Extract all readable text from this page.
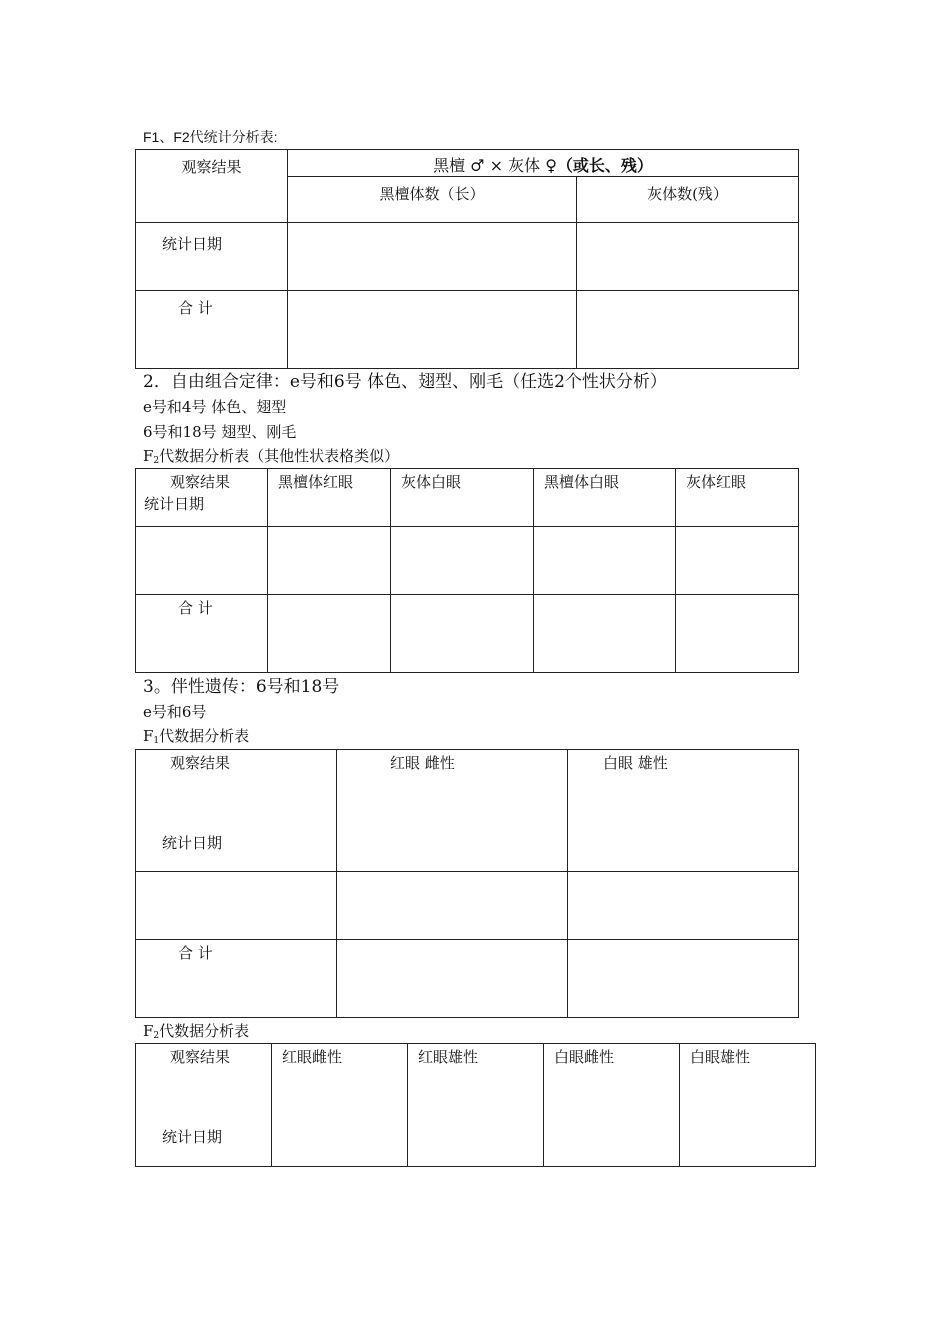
F1、F2代统计分析表:
观察结果	黑檀 ♂ × 灰体 ♀（或长、残）	

	黑檀体数（长）	灰体数(残）

统计日期		

合 计		

2．自由组合定律：e号和6号 体色、翅型、刚毛（任选2个性状分析）
e号和4号 体色、翅型
6号和18号 翅型、刚毛
$F_2$代数据分析表（其他性状表格类似）
观察结果
统计日期	黑檀体红眼	灰体白眼	黑檀体白眼	灰体红眼

合 计				

3。伴性遗传：6号和18号
e号和6号
$F_1$代数据分析表
观察结果
统计日期	红眼 雌性	白眼 雄性

合 计		

$F_2$代数据分析表
观察结果
统计日期

红眼雌性	红眼雄性	白眼雌性	白眼雄性
